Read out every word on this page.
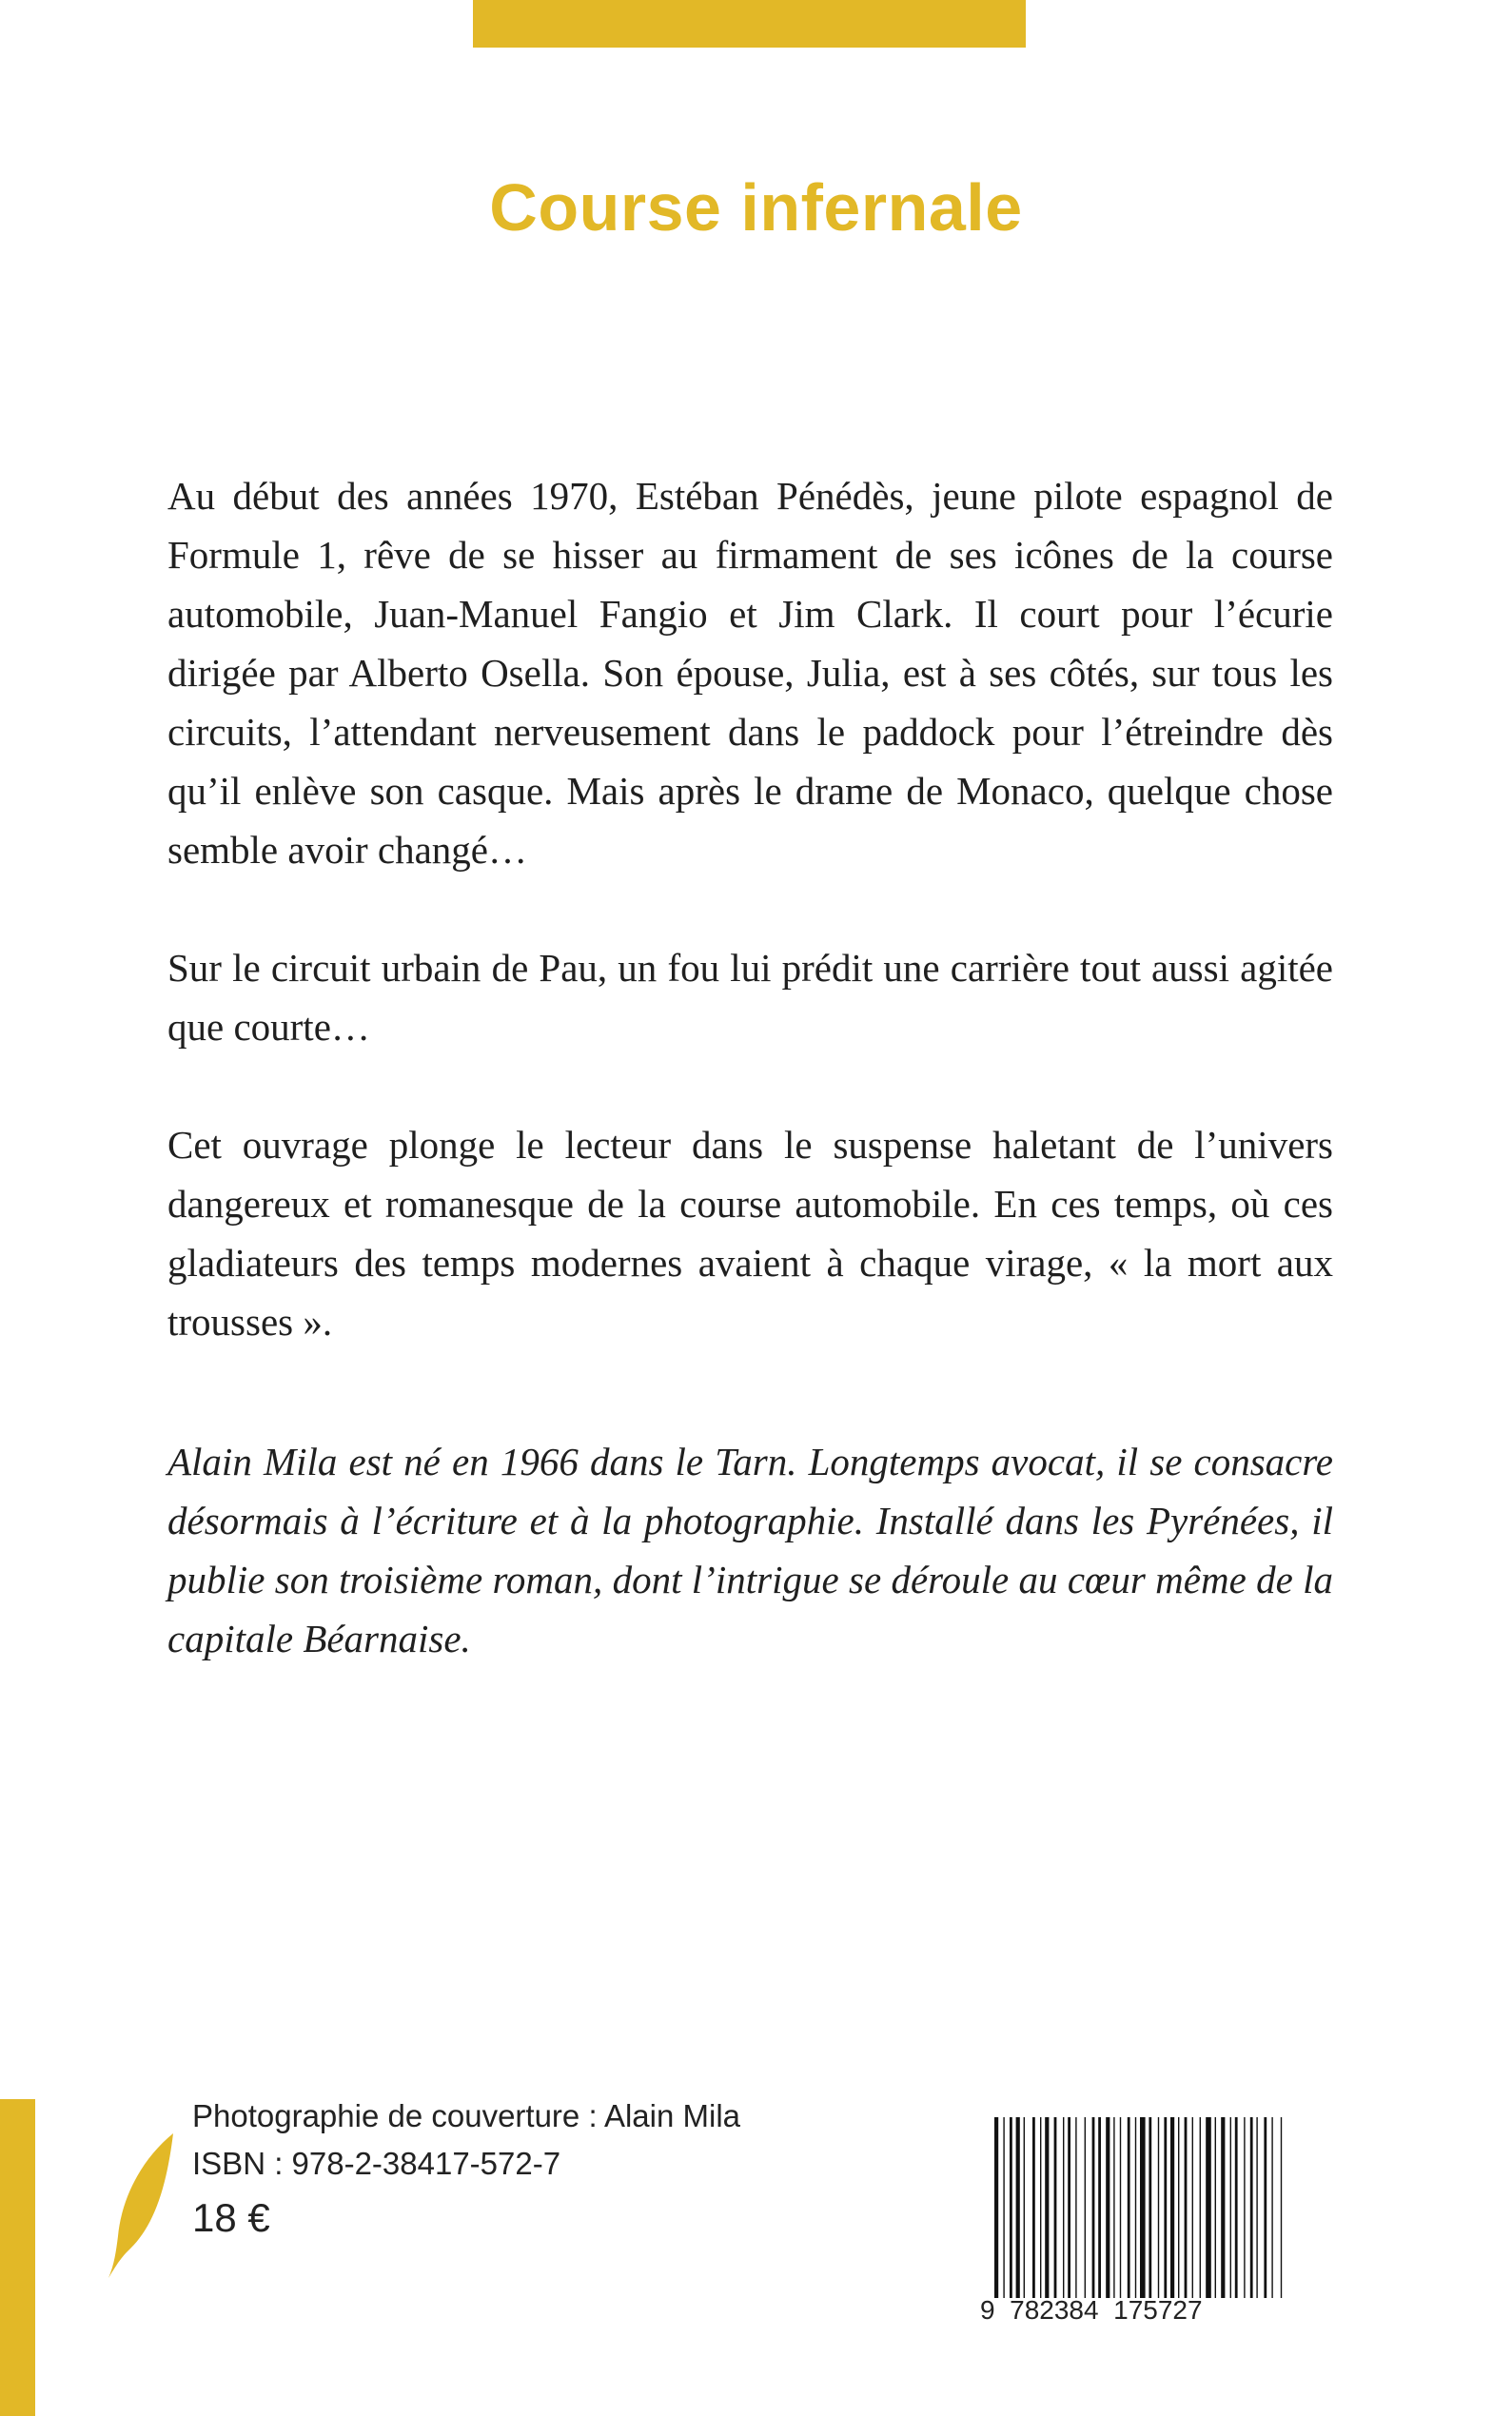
Course infernale

Au début des années 1970, Estéban Pénédès, jeune pilote espagnol de Formule 1, rêve de se hisser au firmament de ses icônes de la course automobile, Juan-Manuel Fangio et Jim Clark. Il court pour l’écurie dirigée par Alberto Osella. Son épouse, Julia, est à ses côtés, sur tous les circuits, l’attendant nerveusement dans le paddock pour l’étreindre dès qu’il enlève son casque. Mais après le drame de Monaco, quelque chose semble avoir changé…

Sur le circuit urbain de Pau, un fou lui prédit une carrière tout aussi agitée que courte…

Cet ouvrage plonge le lecteur dans le suspense haletant de l’univers dangereux et romanesque de la course automobile. En ces temps, où ces gladiateurs des temps modernes avaient à chaque virage, « la mort aux trousses ».

Alain Mila est né en 1966 dans le Tarn. Longtemps avocat, il se consacre désormais à l’écriture et à la photographie. Installé dans les Pyrénées, il publie son troisième roman, dont l’intrigue se déroule au cœur même de la capitale Béarnaise.
Photographie de couverture : Alain Mila
ISBN : 978-2-38417-572-7
18 €
9  782384  175727
